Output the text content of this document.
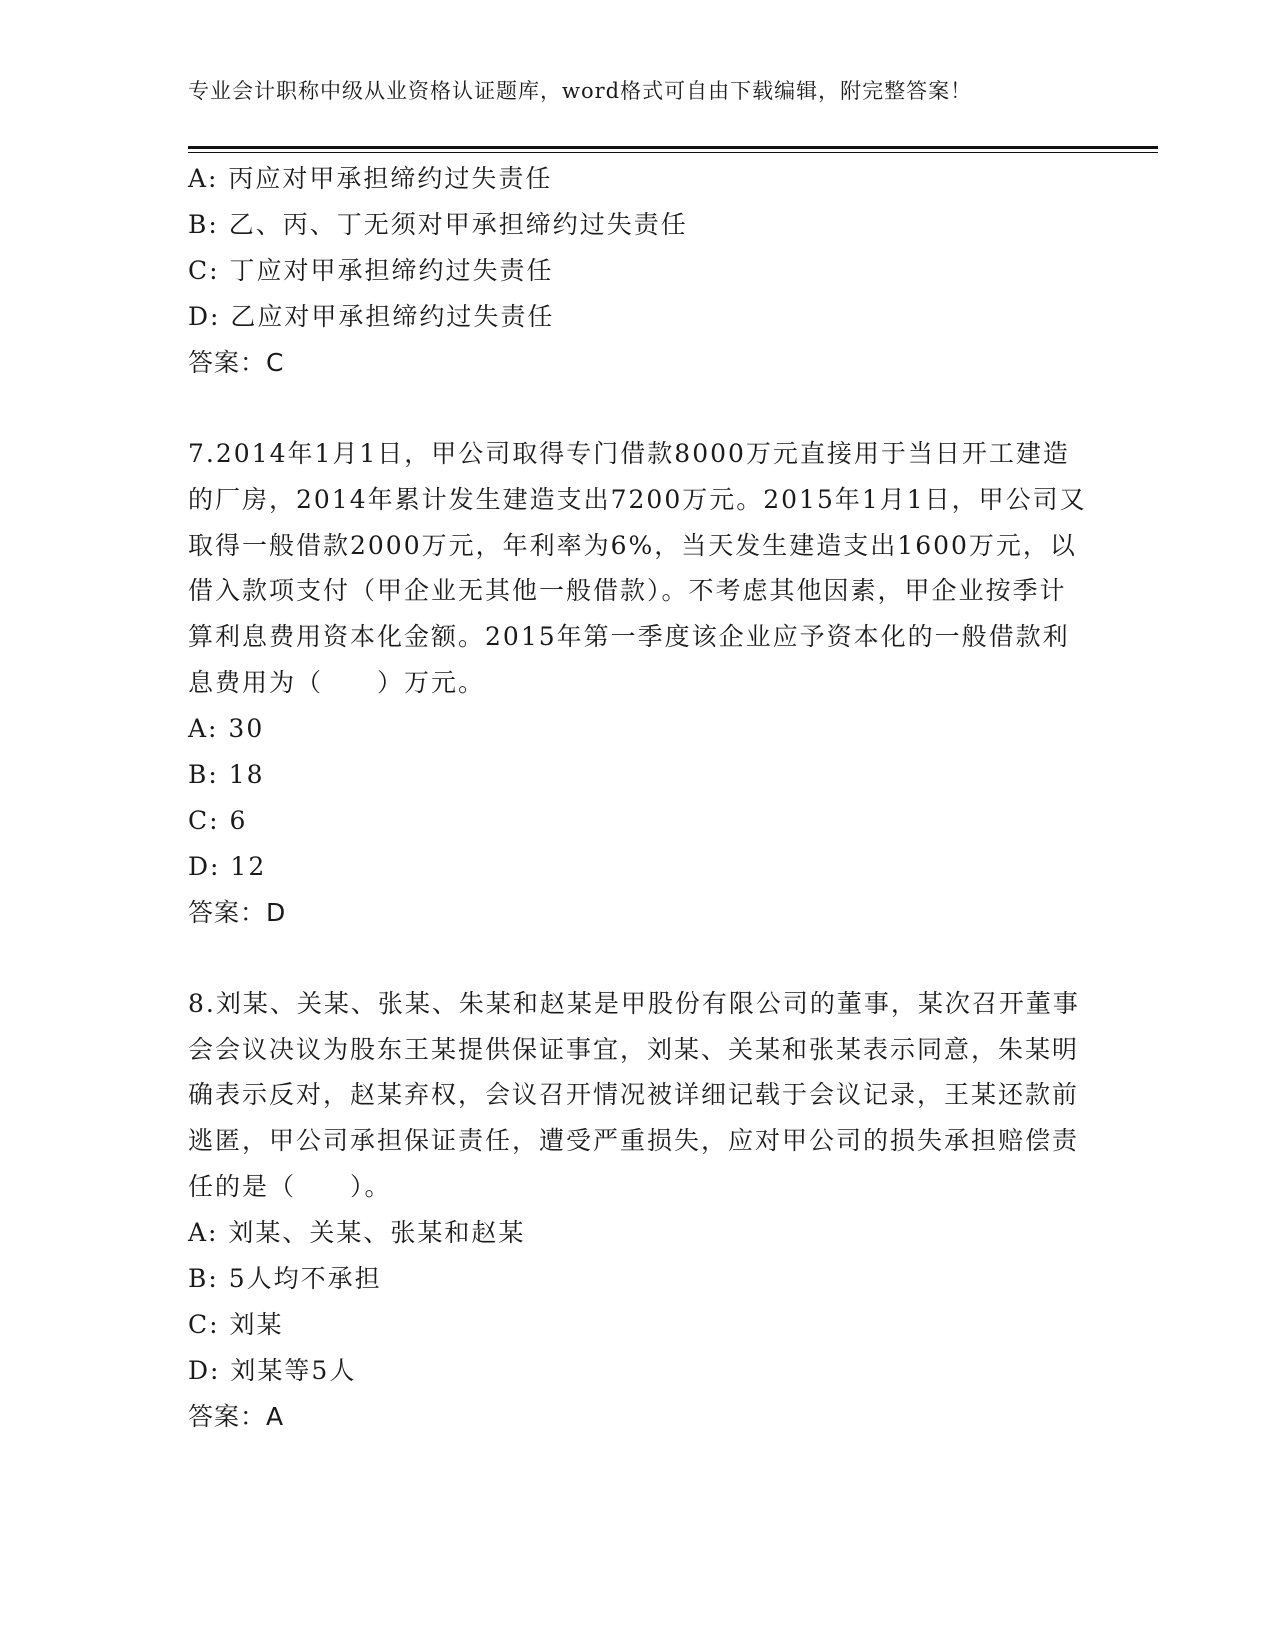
专业会计职称中级从业资格认证题库，word格式可自由下载编辑，附完整答案！
A: 丙应对甲承担缔约过失责任
B: 乙、丙、丁无须对甲承担缔约过失责任
C: 丁应对甲承担缔约过失责任
D: 乙应对甲承担缔约过失责任
答案：C
7.2014年1月1日，甲公司取得专门借款8000万元直接用于当日开工建造的厂房，2014年累计发生建造支出7200万元。2015年1月1日，甲公司又取得一般借款2000万元，年利率为6%，当天发生建造支出1600万元，以借入款项支付（甲企业无其他一般借款）。不考虑其他因素，甲企业按季计算利息费用资本化金额。2015年第一季度该企业应予资本化的一般借款利息费用为（　　）万元。
A: 30
B: 18
C: 6
D: 12
答案：D
8.刘某、关某、张某、朱某和赵某是甲股份有限公司的董事，某次召开董事会会议决议为股东王某提供保证事宜，刘某、关某和张某表示同意，朱某明确表示反对，赵某弃权，会议召开情况被详细记载于会议记录，王某还款前逃匿，甲公司承担保证责任，遭受严重损失，应对甲公司的损失承担赔偿责任的是（　　）。
A: 刘某、关某、张某和赵某
B: 5人均不承担
C: 刘某
D: 刘某等5人
答案：A
